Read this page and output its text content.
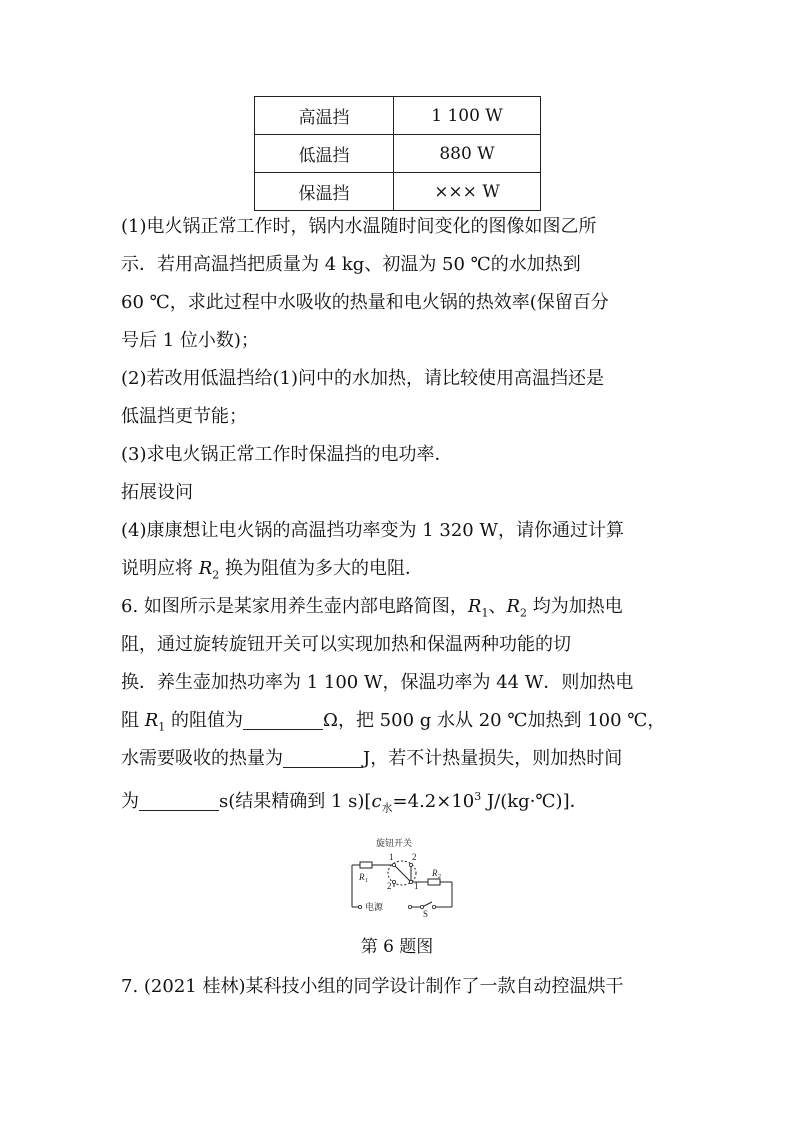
高温挡	1 100 W
低温挡	880 W
保温挡	××× W
(1)电火锅正常工作时，锅内水温随时间变化的图像如图乙所
示．若用高温挡把质量为 4 kg、初温为 50 ℃的水加热到
60 ℃，求此过程中水吸收的热量和电火锅的热效率(保留百分
号后 1 位小数)；
(2)若改用低温挡给(1)问中的水加热，请比较使用高温挡还是
低温挡更节能；
(3)求电火锅正常工作时保温挡的电功率．
拓展设问
(4)康康想让电火锅的高温挡功率变为 1 320 W，请你通过计算
说明应将 $R_2$ 换为阻值为多大的电阻．
6. 如图所示是某家用养生壶内部电路简图，$R_1$、$R_2$ 均为加热电
阻，通过旋转旋钮开关可以实现加热和保温两种功能的切
换．养生壶加热功率为 1 100 W，保温功率为 44 W．则加热电
阻 $R_1$ 的阻值为	Ω，把 500 g 水从 20 ℃加热到 100 ℃，
水需要吸收的热量为	J，若不计热量损失，则加热时间
为	s(结果精确到 1 $s)[c_水=4.2\times 10^3$ J/(kg·℃)]．
旋钮开关
1 2
2	1
R 1
R 2
电源
S
第 6 题图
7. (2021 桂林)某科技小组的同学设计制作了一款自动控温烘干
